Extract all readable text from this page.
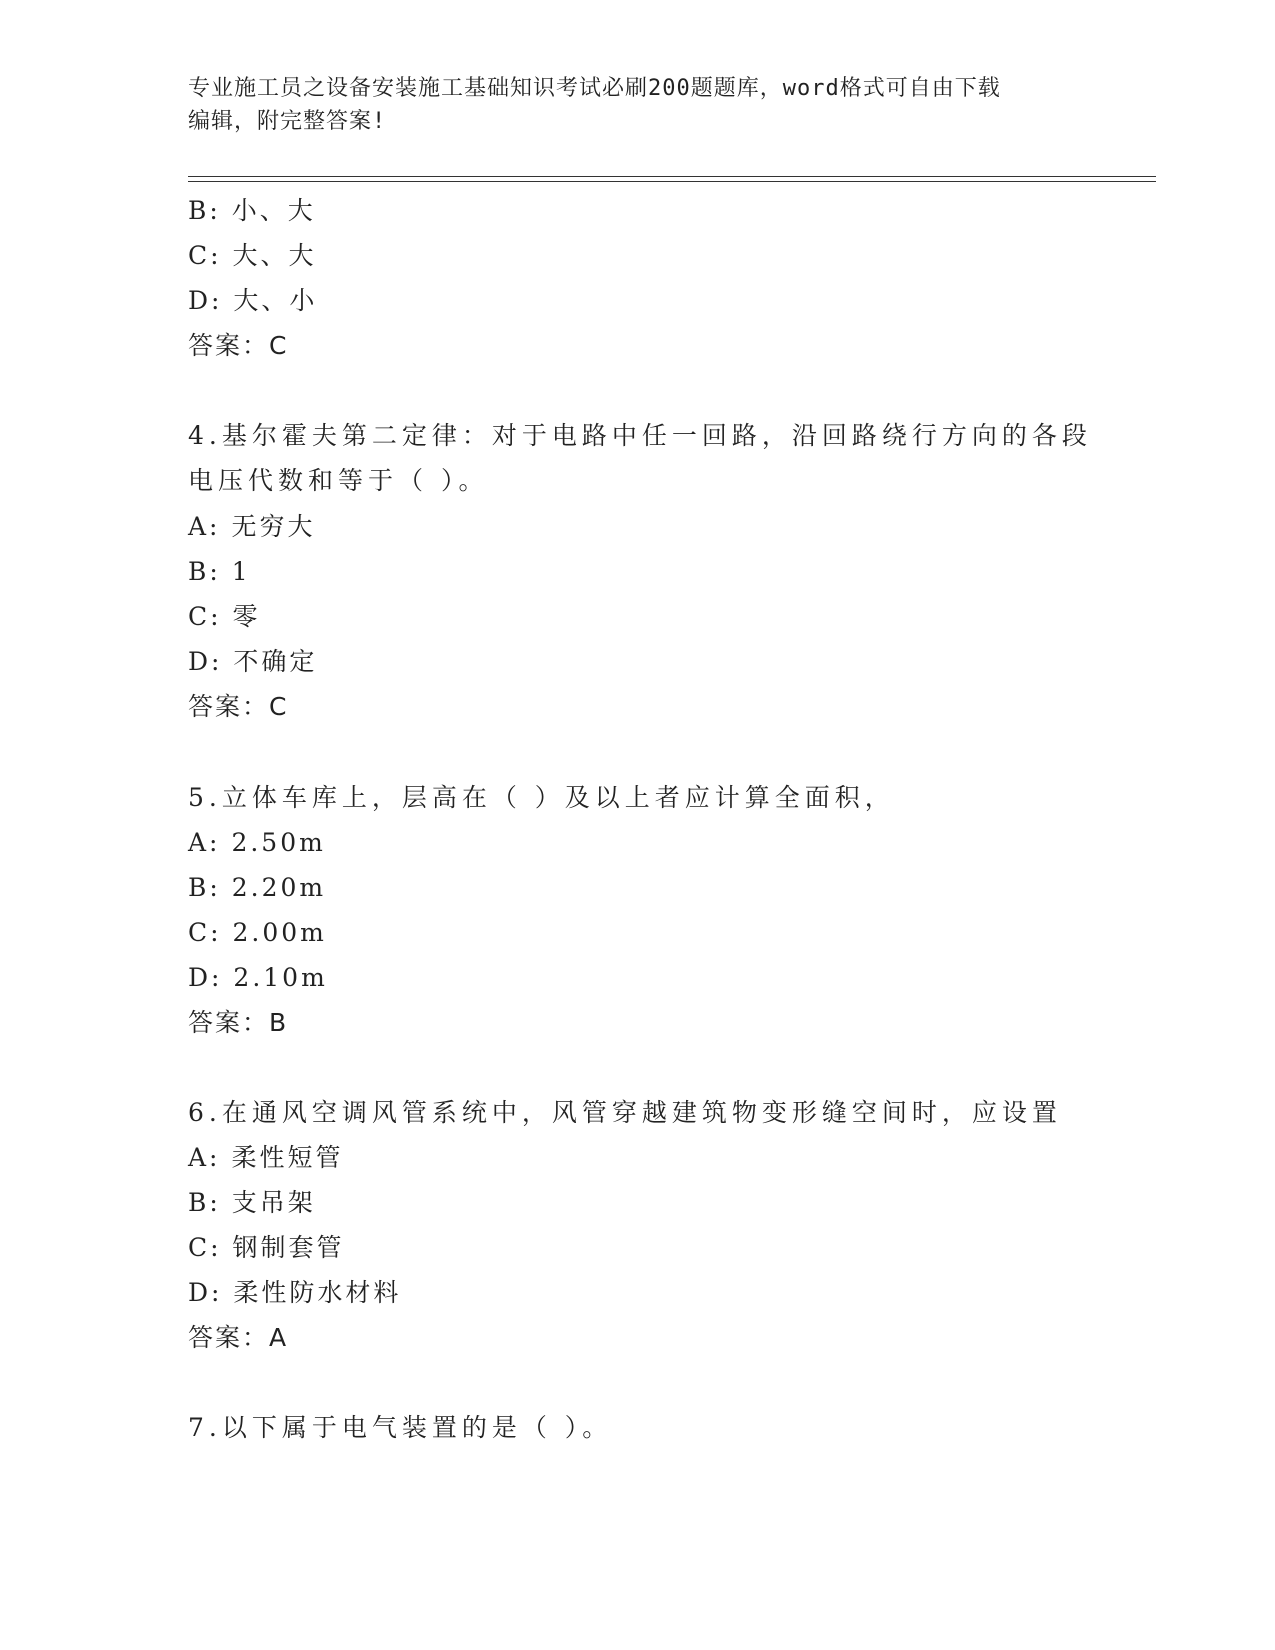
专业施工员之设备安装施工基础知识考试必刷200题题库，word格式可自由下载
编辑，附完整答案!
B: 小、大
C: 大、大
D: 大、小
答案：C
4.基尔霍夫第二定律：对于电路中任一回路，沿回路绕行方向的各段
电压代数和等于（ ）。
A: 无穷大
B: 1
C: 零
D: 不确定
答案：C
5.立体车库上，层高在（ ）及以上者应计算全面积，
A: 2.50m
B: 2.20m
C: 2.00m
D: 2.10m
答案：B
6.在通风空调风管系统中，风管穿越建筑物变形缝空间时，应设置
A: 柔性短管
B: 支吊架
C: 钢制套管
D: 柔性防水材料
答案：A
7.以下属于电气装置的是（ ）。
